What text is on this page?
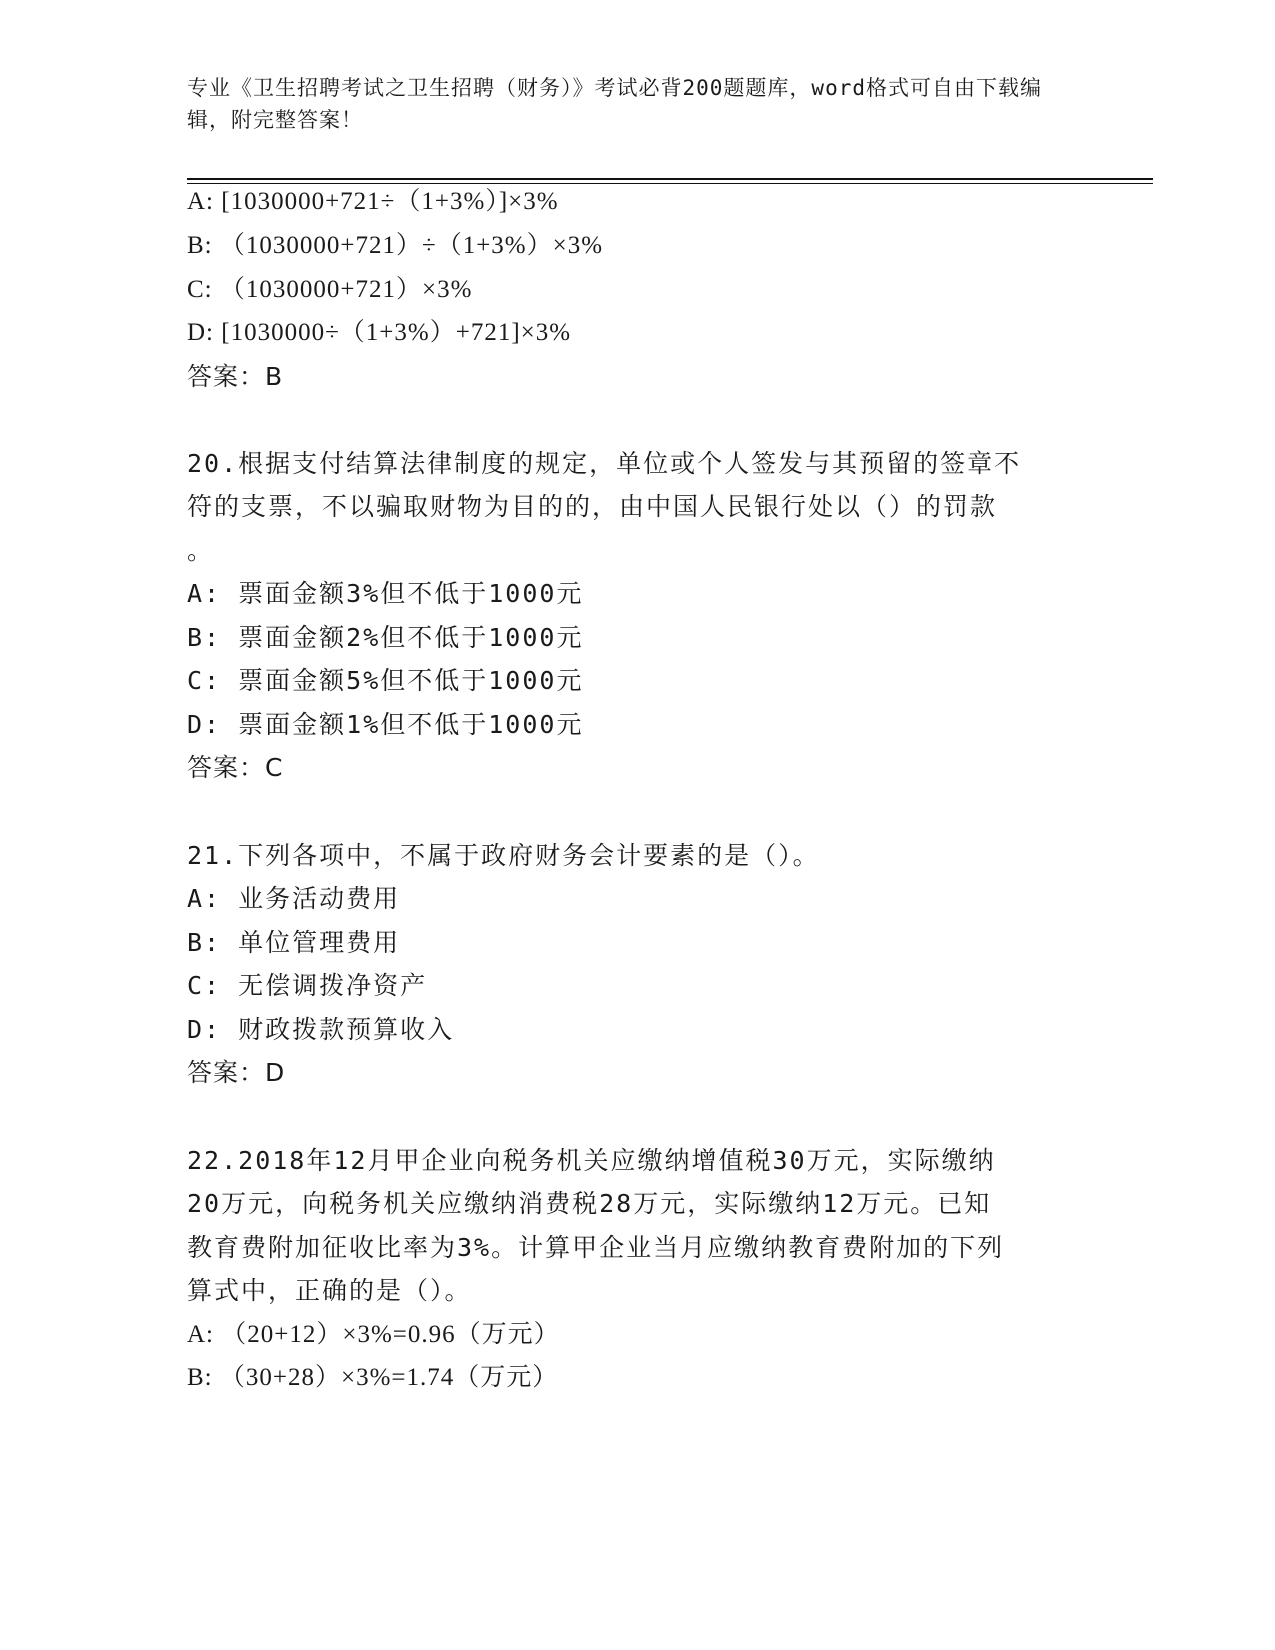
专业《卫生招聘考试之卫生招聘（财务）》考试必背200题题库，word格式可自由下载编辑，附完整答案！
A: [1030000+721÷（1+3%）]×3%
B: （1030000+721）÷（1+3%）×3%
C: （1030000+721）×3%
D: [1030000÷（1+3%）+721]×3%
答案：B
20.根据支付结算法律制度的规定，单位或个人签发与其预留的签章不
符的支票，不以骗取财物为目的的，由中国人民银行处以（）的罚款
。
A: 票面金额3%但不低于1000元
B: 票面金额2%但不低于1000元
C: 票面金额5%但不低于1000元
D: 票面金额1%但不低于1000元
答案：C
21.下列各项中，不属于政府财务会计要素的是（）。
A: 业务活动费用
B: 单位管理费用
C: 无偿调拨净资产
D: 财政拨款预算收入
答案：D
22.2018年12月甲企业向税务机关应缴纳增值税30万元，实际缴纳
20万元，向税务机关应缴纳消费税28万元，实际缴纳12万元。已知
教育费附加征收比率为3%。计算甲企业当月应缴纳教育费附加的下列
算式中，正确的是（）。
A: （20+12）×3%=0.96（万元）
B: （30+28）×3%=1.74（万元）
